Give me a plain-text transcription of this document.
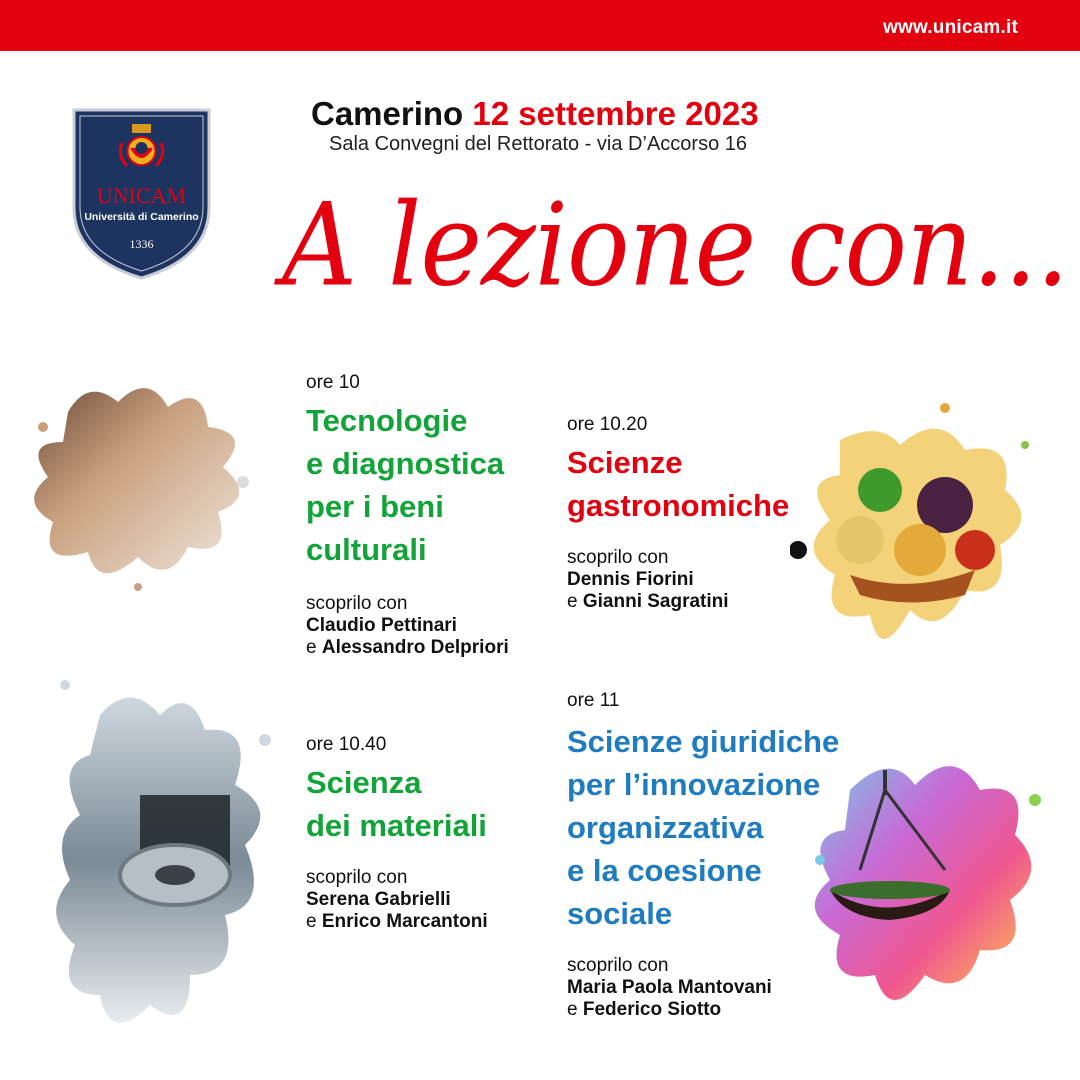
www.unicam.it
UNICAM
Università di Camerino
1336
Camerino 12 settembre 2023
Sala Convegni del Rettorato - via D’Accorso 16
A lezione con...
ore 10
Tecnologie
e diagnostica
per i beni
culturali
scoprilo con
Claudio Pettinari
e Alessandro Delpriori
ore 10.20
Scienze
gastronomiche
scoprilo con
Dennis Fiorini
e Gianni Sagratini
ore 10.40
Scienza
dei materiali
scoprilo con
Serena Gabrielli
e Enrico Marcantoni
ore 11
Scienze giuridiche
per l’innovazione
organizzativa
e la coesione
sociale
scoprilo con
Maria Paola Mantovani
e Federico Siotto
